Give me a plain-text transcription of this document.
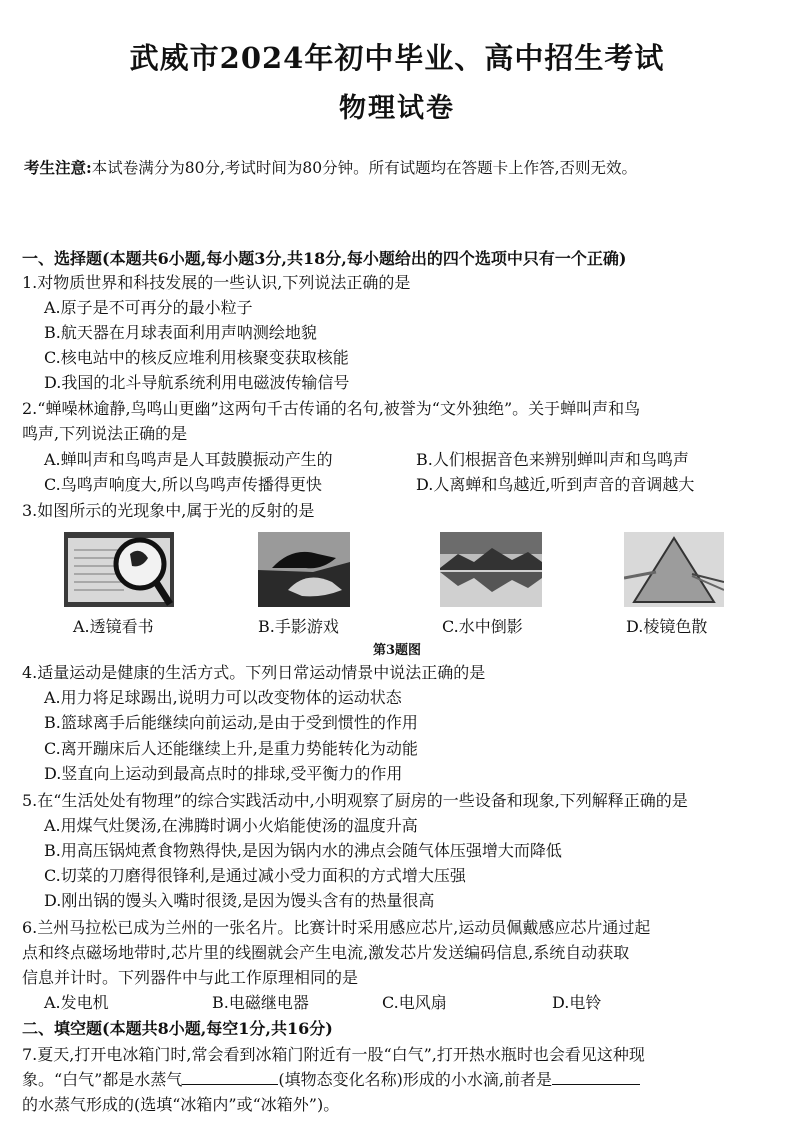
武威市2024年初中毕业、高中招生考试
物理试卷
考生注意:本试卷满分为80分,考试时间为80分钟。所有试题均在答题卡上作答,否则无效。

一、选择题(本题共6小题,每小题3分,共18分,每小题给出的四个选项中只有一个正确)
1.对物质世界和科技发展的一些认识,下列说法正确的是
A.原子是不可再分的最小粒子
B.航天器在月球表面利用声呐测绘地貌
C.核电站中的核反应堆利用核聚变获取核能
D.我国的北斗导航系统利用电磁波传输信号
2.“蝉噪林逾静,鸟鸣山更幽”这两句千古传诵的名句,被誉为“文外独绝”。关于蝉叫声和鸟
鸣声,下列说法正确的是
A.蝉叫声和鸟鸣声是人耳鼓膜振动产生的	B.人们根据音色来辨别蝉叫声和鸟鸣声
C.鸟鸣声响度大,所以鸟鸣声传播得更快	D.人离蝉和鸟越近,听到声音的音调越大
3.如图所示的光现象中,属于光的反射的是
A.透镜看书	B.手影游戏	C.水中倒影	D.棱镜色散
第3题图
4.适量运动是健康的生活方式。下列日常运动情景中说法正确的是
A.用力将足球踢出,说明力可以改变物体的运动状态
B.篮球离手后能继续向前运动,是由于受到惯性的作用
C.离开蹦床后人还能继续上升,是重力势能转化为动能
D.竖直向上运动到最高点时的排球,受平衡力的作用
5.在“生活处处有物理”的综合实践活动中,小明观察了厨房的一些设备和现象,下列解释正确的是
A.用煤气灶煲汤,在沸腾时调小火焰能使汤的温度升高
B.用高压锅炖煮食物熟得快,是因为锅内水的沸点会随气体压强增大而降低
C.切菜的刀磨得很锋利,是通过减小受力面积的方式增大压强
D.刚出锅的馒头入嘴时很烫,是因为馒头含有的热量很高
6.兰州马拉松已成为兰州的一张名片。比赛计时采用感应芯片,运动员佩戴感应芯片通过起
点和终点磁场地带时,芯片里的线圈就会产生电流,激发芯片发送编码信息,系统自动获取
信息并计时。下列器件中与此工作原理相同的是
A.发电机	B.电磁继电器	C.电风扇	D.电铃
二、填空题(本题共8小题,每空1分,共16分)
7.夏天,打开电冰箱门时,常会看到冰箱门附近有一股“白气”,打开热水瓶时也会看见这种现
象。“白气”都是水蒸气	(填物态变化名称)形成的小水滴,前者是
的水蒸气形成的(选填“冰箱内”或“冰箱外”)。
